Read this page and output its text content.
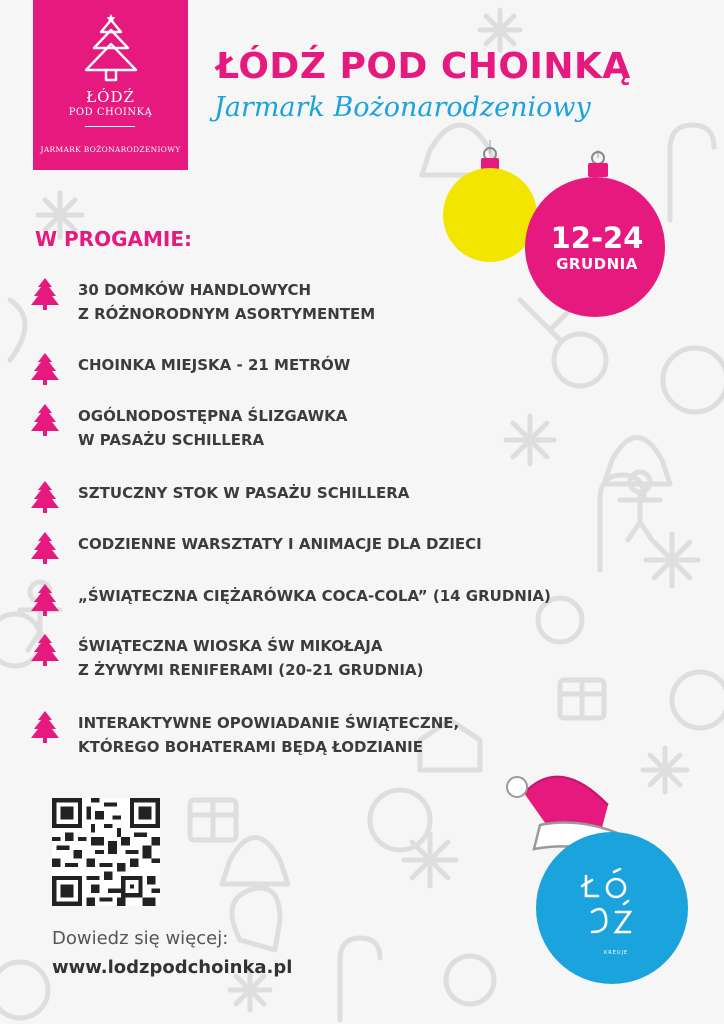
ŁÓDŹ
POD CHOINKĄ
JARMARK BOŻONARODZENIOWY
ŁÓDŹ POD CHOINKĄ
Jarmark Bożonarodzeniowy
12-24
GRUDNIA
W PROGAMIE:
30 DOMKÓW HANDLOWYCH
Z RÓŻNORODNYM ASORTYMENTEM
CHOINKA MIEJSKA - 21 METRÓW
OGÓLNODOSTĘPNA ŚLIZGAWKA
W PASAŻU SCHILLERA
SZTUCZNY STOK W PASAŻU SCHILLERA
CODZIENNE WARSZTATY I ANIMACJE DLA DZIECI
„ŚWIĄTECZNA CIĘŻARÓWKA COCA-COLA” (14 GRUDNIA)
ŚWIĄTECZNA WIOSKA ŚW MIKOŁAJA
Z ŻYWYMI RENIFERAMI (20-21 GRUDNIA)
INTERAKTYWNE OPOWIADANIE ŚWIĄTECZNE,
KTÓREGO BOHATERAMI BĘDĄ ŁODZIANIE
Dowiedz się więcej:
www.lodzpodchoinka.pl
KREUJE
